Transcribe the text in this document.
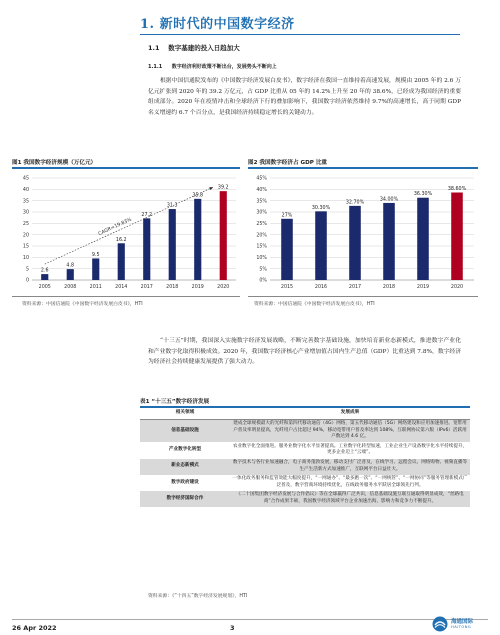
1. 新时代的中国数字经济
1.1 数字基建的投入日趋加大
1.1.1 数字经济利好政策不断出台，发展势头不断向上

根据中国信通院发布的《中国数字经济发展白皮书》，数字经济在我国一直维持着高速发展，规模由 2005 年的 2.6 万亿元扩张到 2020 年的 39.2 万亿元，占 GDP 比重从 05 年的 14.2%上升至 20 年的 38.6%，已经成为我国经济的重要组成部分。2020 年在疫情冲击和全球经济下行的叠加影响下，我国数字经济依然维持 9.7%的高速增长，高于同期 GDP 名义增速约 6.7 个百分点，是我国经济持续稳定增长的关键动力。

图1 我国数字经济规模（万亿元）
0
5
10
15
20
25
30
35
40
45
2.6
2005
4.8
2008
9.5
2011
16.2
2014
27.2
2017
31.3
2018
35.8
2019
39.2
2020
CAGR=19.83%
资料来源：中国信通院《中国数字经济发展白皮书》，HTI
图2 我国数字经济占 GDP 比重
0%
5%
10%
15%
20%
25%
30%
35%
40%
45%
27%
2015
30.30%
2016
32.70%
2017
34.00%
2018
36.30%
2019
38.60%
2020
资料来源：中国信通院《中国数字经济发展白皮书》，HTI

“十三五”时期，我国深入实施数字经济发展战略，不断完善数字基础设施，加快培育新业态新模式，推进数字产业化和产业数字化取得积极成效。2020 年，我国数字经济核心产业增加值占国内生产总值（GDP）比重达到 7.8%，数字经济为经济社会持续健康发展提供了强大动力。

表1 “十三五”数字经济发展
相关领域	发展成果
信息基础设施	建成全球规模最大的光纤和第四代移动通信（4G）网络，第五代移动通信（5G）网络建设和应用加速推进。宽带用户普及率明显提高，光纤用户占比超过 94%，移动宽带用户普及率达到 108%，互联网协议第六版（IPv6）活跃用户数达到 4.6 亿。
产业数字化转型	农业数字化全面推进。服务业数字化水平显著提高。工业数字化转型加速，工业企业生产设备数字化水平持续提升，更多企业迈上“云端”。
新业态新模式	数字技术与各行业加速融合，电子商务蓬勃发展，移动支付广泛普及，在线学习、远程会议、网络购物、视频直播等生产生活新方式加速推广，互联网平台日益壮大。
数字政府建设	一体化政务服务和监管效能大幅度提升，“一网通办”、“最多跑一次”、“一网统管”、“一网协同”等服务管理新模式广泛普及，数字营商环境持续优化，在线政务服务水平跃居全球领先行列。
数字经济国际合作	《二十国集团数字经济发展与合作倡议》等在全球赢得广泛共识，信息基础设施互联互通取得明显成效，“丝路电商”合作成果丰硕，我国数字经济领域平台企业加速出海，影响力和竞争力不断提升。
资料来源：《“十四五”数字经济发展规划》，HTI
26 Apr 2022	3
海通国际
HAITONG
